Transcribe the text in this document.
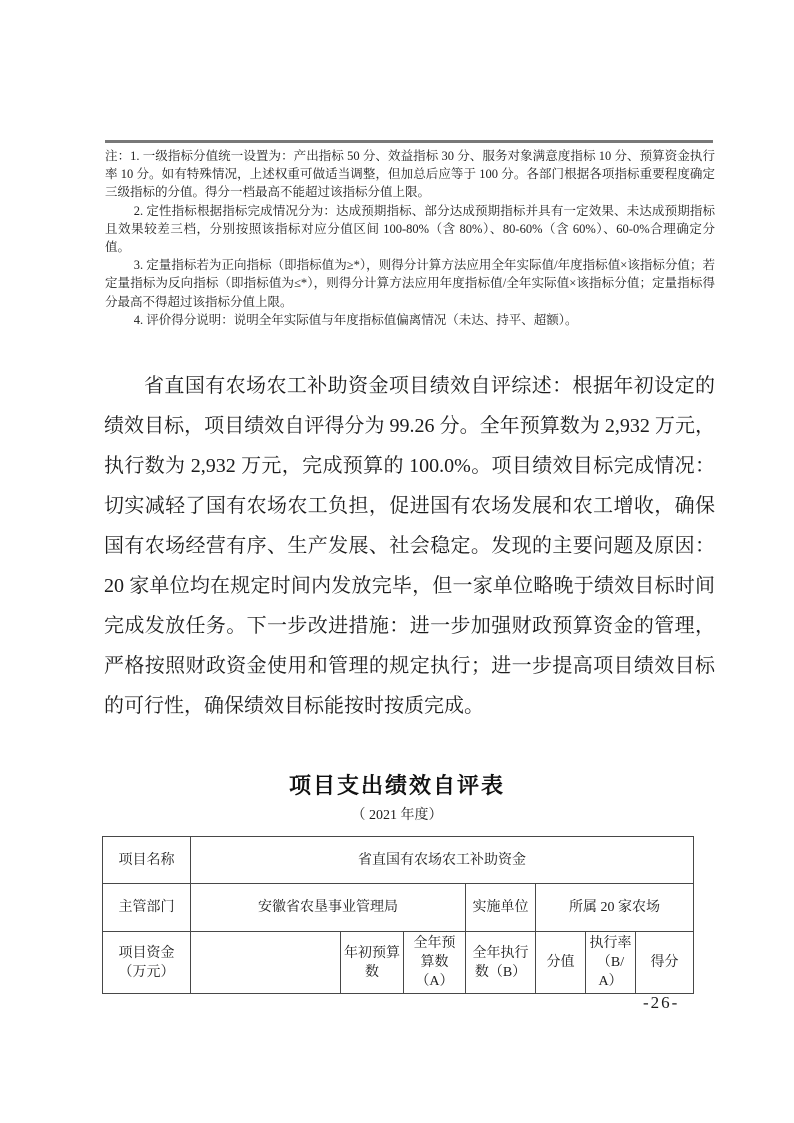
注：1. 一级指标分值统一设置为：产出指标 50 分、效益指标 30 分、服务对象满意度指标 10 分、预算资金执行率 10 分。如有特殊情况，上述权重可做适当调整，但加总后应等于 100 分。各部门根据各项指标重要程度确定三级指标的分值。得分一档最高不能超过该指标分值上限。

2. 定性指标根据指标完成情况分为：达成预期指标、部分达成预期指标并具有一定效果、未达成预期指标且效果较差三档，分别按照该指标对应分值区间 100-80%（含 80%）、80-60%（含 60%）、60-0%合理确定分值。

3. 定量指标若为正向指标（即指标值为≥*），则得分计算方法应用全年实际值/年度指标值×该指标分值；若定量指标为反向指标（即指标值为≤*），则得分计算方法应用年度指标值/全年实际值×该指标分值；定量指标得分最高不得超过该指标分值上限。

4. 评价得分说明：说明全年实际值与年度指标值偏离情况（未达、持平、超额）。

省直国有农场农工补助资金项目绩效自评综述：根据年初设定的绩效目标，项目绩效自评得分为 99.26 分。全年预算数为 2,932 万元，执行数为 2,932 万元，完成预算的 100.0%。项目绩效目标完成情况：切实减轻了国有农场农工负担，促进国有农场发展和农工增收，确保国有农场经营有序、生产发展、社会稳定。发现的主要问题及原因：20 家单位均在规定时间内发放完毕，但一家单位略晚于绩效目标时间完成发放任务。下一步改进措施：进一步加强财政预算资金的管理，严格按照财政资金使用和管理的规定执行；进一步提高项目绩效目标的可行性，确保绩效目标能按时按质完成。

项目支出绩效自评表
（ 2021 年度）
项目名称	省直国有农场农工补助资金						
主管部门	安徽省农垦事业管理局			实施单位	所属 20 家农场		
项目资金（万元）		年初预算数	全年预算数（A）	全年执行数（B）	分值	执行率（B/A）	得分
-26-
